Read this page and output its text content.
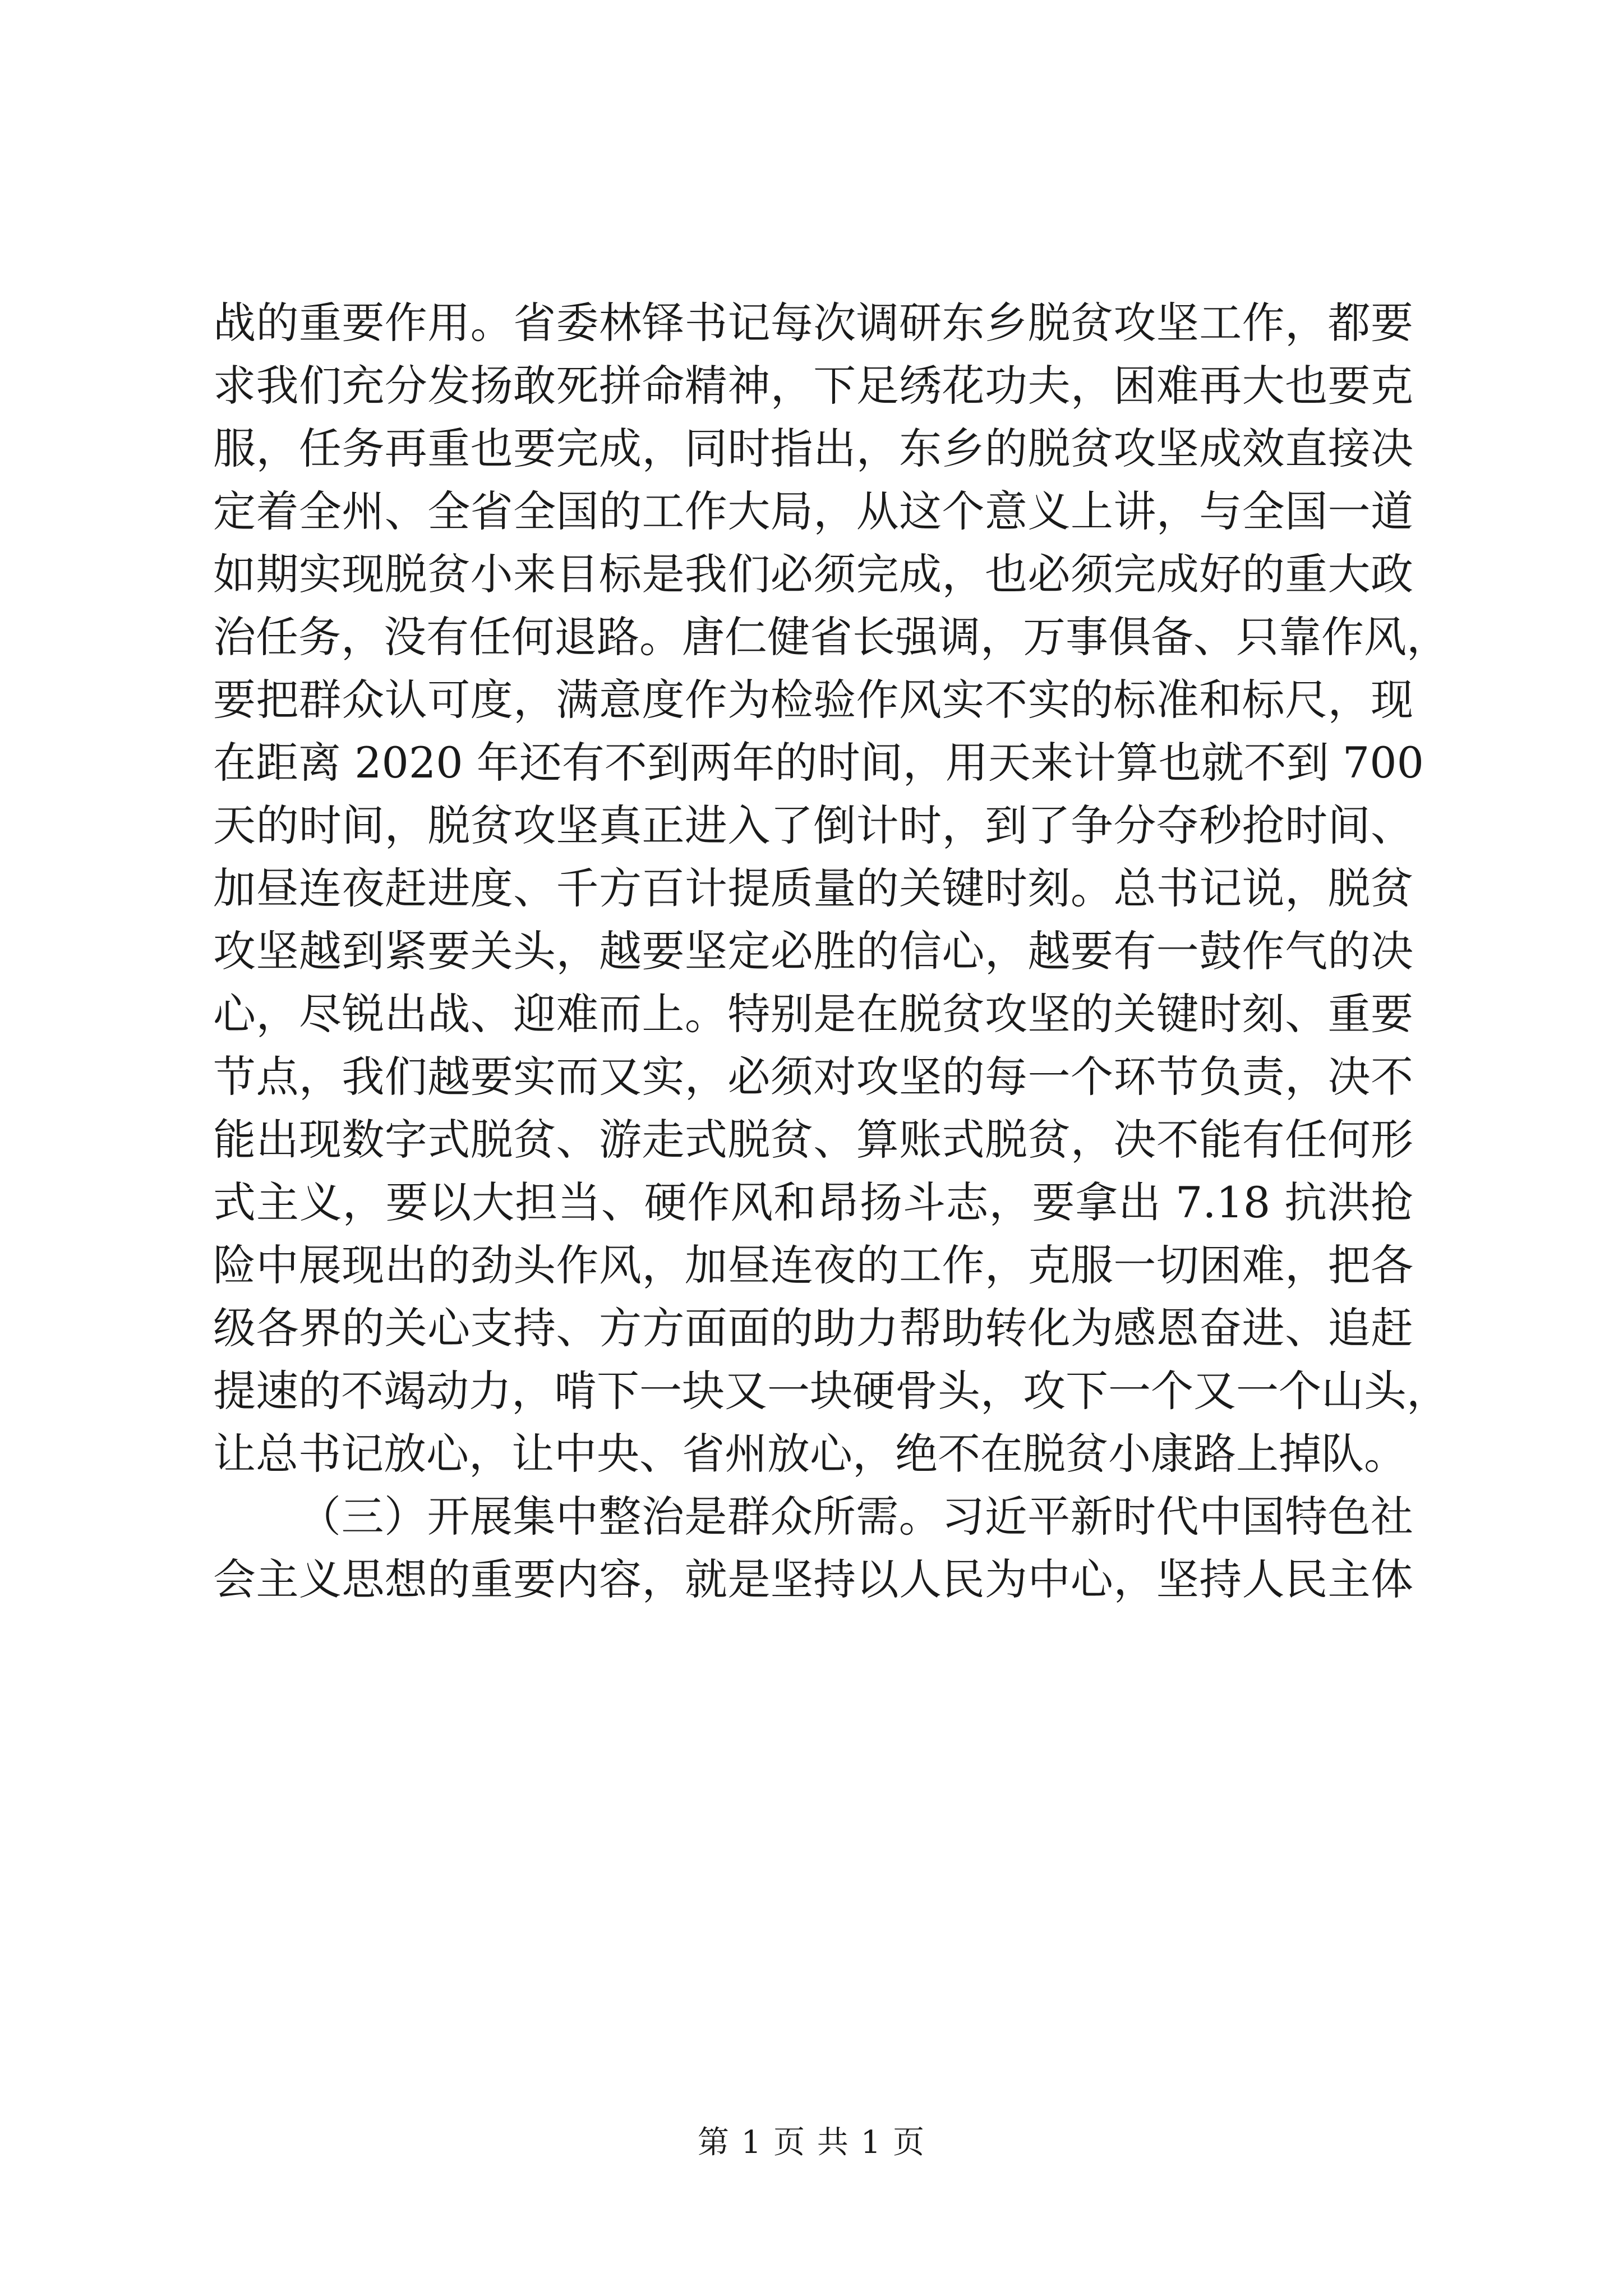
战的重要作用。省委林铎书记每次调研东乡脱贫攻坚工作，都要
求我们充分发扬敢死拼命精神，下足绣花功夫，困难再大也要克
服，任务再重也要完成，同时指出，东乡的脱贫攻坚成效直接决
定着全州、全省全国的工作大局，从这个意义上讲，与全国一道
如期实现脱贫小来目标是我们必须完成，也必须完成好的重大政
治任务，没有任何退路。唐仁健省长强调，万事俱备、只靠作风，
要把群众认可度，满意度作为检验作风实不实的标准和标尺，现
在距离 2020 年还有不到两年的时间，用天来计算也就不到 700
天的时间，脱贫攻坚真正进入了倒计时，到了争分夺秒抢时间、
加昼连夜赶进度、千方百计提质量的关键时刻。总书记说，脱贫
攻坚越到紧要关头，越要坚定必胜的信心，越要有一鼓作气的决
心，尽锐出战、迎难而上。特别是在脱贫攻坚的关键时刻、重要
节点，我们越要实而又实，必须对攻坚的每一个环节负责，决不
能出现数字式脱贫、游走式脱贫、算账式脱贫，决不能有任何形
式主义，要以大担当、硬作风和昂扬斗志，要拿出 7.18 抗洪抢
险中展现出的劲头作风，加昼连夜的工作，克服一切困难，把各
级各界的关心支持、方方面面的助力帮助转化为感恩奋进、追赶
提速的不竭动力，啃下一块又一块硬骨头，攻下一个又一个山头，
让总书记放心，让中央、省州放心，绝不在脱贫小康路上掉队。
（三）开展集中整治是群众所需。习近平新时代中国特色社
会主义思想的重要内容，就是坚持以人民为中心，坚持人民主体
第 1 页 共 1 页
